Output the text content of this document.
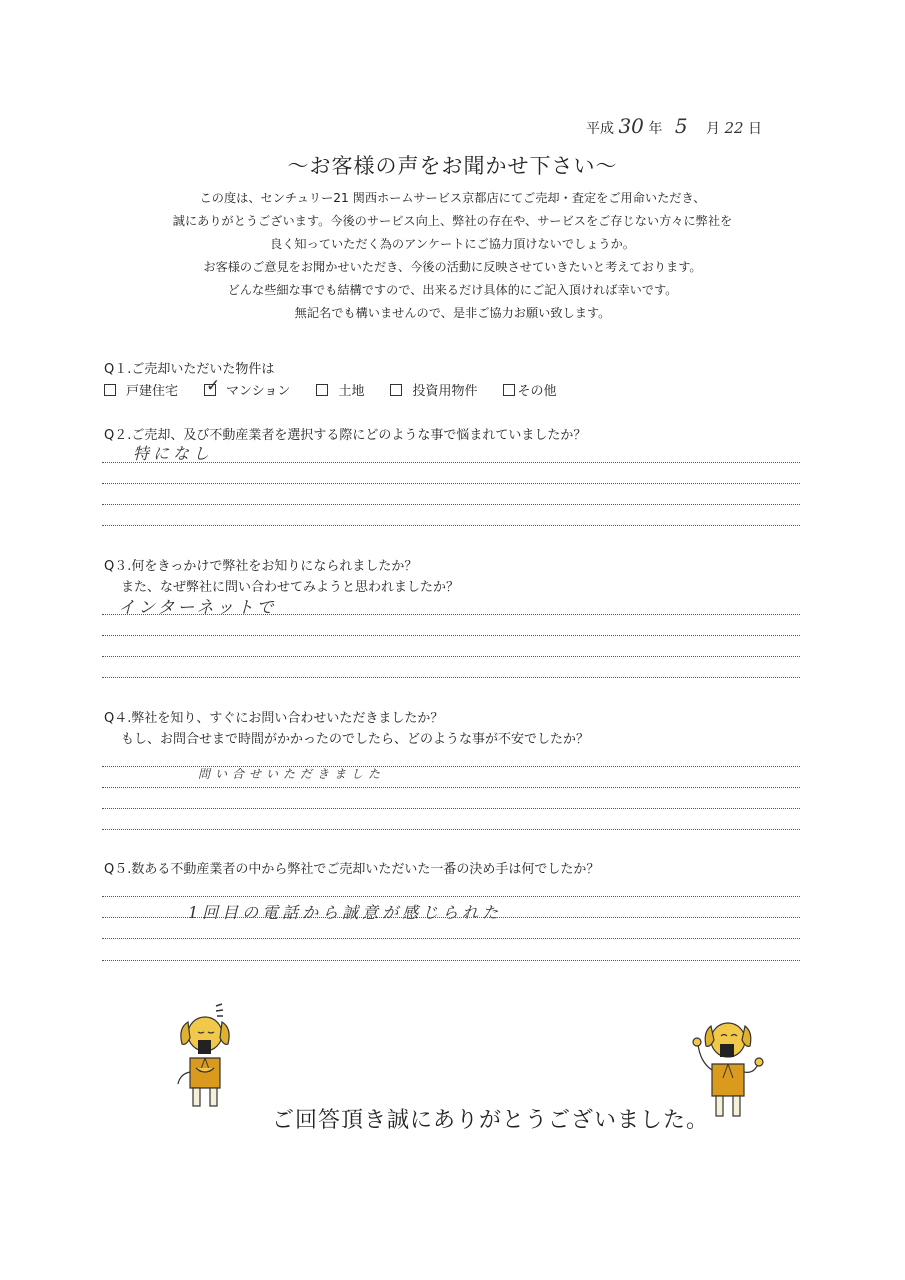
平成 30 年 5 月 22 日
～お客様の声をお聞かせ下さい～
この度は、センチュリー21 関西ホームサービス京都店にてご売却・査定をご用命いただき、
誠にありがとうございます。今後のサービス向上、弊社の存在や、サービスをご存じない方々に弊社を
良く知っていただく為のアンケートにご協力頂けないでしょうか。
お客様のご意見をお聞かせいただき、今後の活動に反映させていきたいと考えております。
どんな些細な事でも結構ですので、出来るだけ具体的にご記入頂ければ幸いです。
無記名でも構いませんので、是非ご協力お願い致します。
Q１.ご売却いただいた物件は
戸建住宅
✓	マンション	土地	投資用物件	その他
Q２.ご売却、及び不動産業者を選択する際にどのような事で悩まれていましたか？
特になし
Q３.何をきっかけで弊社をお知りになられましたか？
また、なぜ弊社に問い合わせてみようと思われましたか？
インターネットで
Q４.弊社を知り、すぐにお問い合わせいただきましたか？
もし、お問合せまで時間がかかったのでしたら、どのような事が不安でしたか？
問い合せいただきました
Q５.数ある不動産業者の中から弊社でご売却いただいた一番の決め手は何でしたか？
1回目の電話から誠意が感じられた
ご回答頂き誠にありがとうございました。
